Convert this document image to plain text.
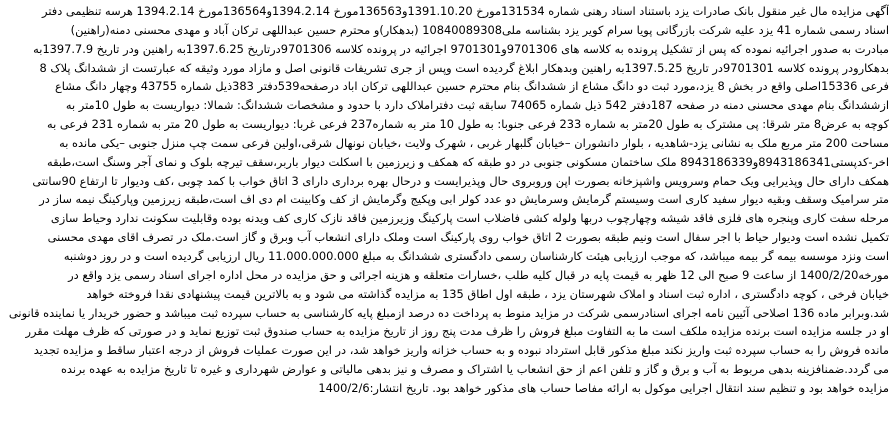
آگهی مزایده مال غیر منقول بانک صادرات یزد باستناد اسناد رهنی شماره 131534مورخ 1391.10.20و136563مورخ 1394.2.14و136564مورخ 1394.2.14 هرسه تنظیمی دفتر
اسناد رسمی شماره 41 یزد علیه شرکت بازرگانی پویا سرام کویر یزد بشناسه ملی10840089308 (بدهکار)و محترم حسین عبداللهی ترکان آباد و مهدی محسنی دمنه(راهنین)
مبادرت به صدور اجرائیه نموده که پس از تشکیل پرونده به کلاسه های 9701306و9701301 اجرائیه در پرونده کلاسه 9701306درتاریخ 1397.6.25به راهنین ودر تاریخ 1397.7.9به
بدهکارودر پرونده کلاسه 9701301در تاریخ 1397.5.25به راهنین وبدهکار ابلاغ گردیده است وپس از جری تشریفات قانونی اصل و مازاد مورد وثیقه که عبارتست از ششدانگ پلاک 8
فرعی 15336اصلی واقع در بخش 8 یزد،مورد ثبت دو دانگ مشاع از ششدانگ بنام محترم حسین عبداللهی ترکان اباد درصفحه539دفتر 383ذیل شماره 43755 وچهار دانگ مشاع
ازششدانگ بنام مهدی محسنی دمنه در صفحه 187دفتر 542 ذیل شماره 74065 سابقه ثبت دفتراملاک دارد با حدود و مشخصات ششدانگ: شمالا: دیواریست به طول 10متر به
کوچه به عرض8 متر شرقا: پی مشترک به طول 20متر به شماره 233 فرعی جنوبا: به طول 10 متر به شماره237 فرعی غربا: دیواریست به طول 20 متر به شماره 231 فرعی به
مساحت 200 متر مربع ملک به نشانی یزد-شاهدیه ، بلوار دانشوران –خیابان گلبهار غربی ، شهرک ولایت ،خیابان نونهال شرقی،اولین فرعی سمت چپ منزل جنوبی –یکی مانده به
اخر-کدپستی8943186341و8943186339 ملک ساختمان مسکونی جنوبی در دو طبقه که همکف و زیرزمین با اسکلت دیوار باربر،سقف تیرچه بلوک و نمای آجر وسنگ است،طبقه
همکف دارای حال وپذیرایی ویک حمام وسرویس واشپزخانه بصورت اپن وروبروی حال وپذیرایست و درحال بهره برداری دارای 3 اتاق خواب با کمد چوبی ،کف ودیوار تا ارتفاع 90سانتی
متر سرامیک وسقف وبقیه دیوار سفید کاری است وسیستم گرمایش وسرمایش دو عدد کولر ابی وپکیج وگرمایش از کف وکابینت ام دی اف است،طبقه زیرزمین وپارکینگ نیمه ساز در
مرحله سفت کاری وپنجره های فلزی فاقد شیشه وچهارچوب دربها ولوله کشی فاضلاب است پارکینگ وزیرزمین فاقد نازک کاری کف ویدنه بوده وقابلیت سکونت ندارد وحیاط سازی
تکمیل نشده است ودیوار حیاط با اجر سفال است ونیم طبقه بصورت 2 اتاق خواب روی پارکینگ است وملک دارای انشعاب آب وبرق و گاز است.ملک در تصرف اقای مهدی محسنی
است ونزد موسسه بیمه گر بیمه میباشد، که موجب ارزیابی هیئت کارشناسان رسمی دادگستری ششدانگ به مبلغ 11.000.000.000 ریال ارزیابی گردیده است و در روز دوشنبه
مورخه1400/2/20 از ساعت 9 صبح الی 12 ظهر به قیمت پایه در قبال کلیه طلب ،خسارات متعلقه و هزینه اجرائی و حق مزایده در محل اداره اجرای اسناد رسمی یزد واقع در
خیابان فرخی ، کوچه دادگستری ، اداره ثبت اسناد و املاک شهرستان یزد ، طبقه اول اطاق 135 به مزایده گذاشته می شود و به بالاترین قیمت پیشنهادی نقدا فروخته خواهد
شد.وبرابر ماده 136 اصلاحی آئیین نامه اجرای اسنادرسمی شرکت در مزاید منوط به پرداخت ده درصد ازمبلغ پایه کارشناسی به حساب سپرده ثبت میباشد و حضور خریدار یا نماینده قانونی
او در جلسه مزایده است برنده مزایده ملکف است ما به التفاوت مبلغ فروش را ظرف مدت پنج روز از تاریخ مزایده به حساب صندوق ثبت توزیع نماید و در صورتی که ظرف مهلت مقرر
مانده فروش را به حساب سپرده ثبت واریز نکند مبلغ مذکور قابل استرداد نبوده و به حساب خزانه واریز خواهد شد، در این صورت عملیات فروش از درجه اعتبار ساقط و مزایده تجدید
می گردد.ضمنافزینه بدهی مربوط به آب و برق و گاز و تلفن اعم از حق انشعاب یا اشتراک و مصرف و نیز بدهی مالیاتی و عوارض شهرداری و غیره تا تاریخ مزایده به عهده برنده
مزایده خواهد بود و تنظیم سند انتقال اجرایی موکول به ارائه مفاصا حساب های مذکور خواهد بود. تاریخ انتشار:1400/2/6
